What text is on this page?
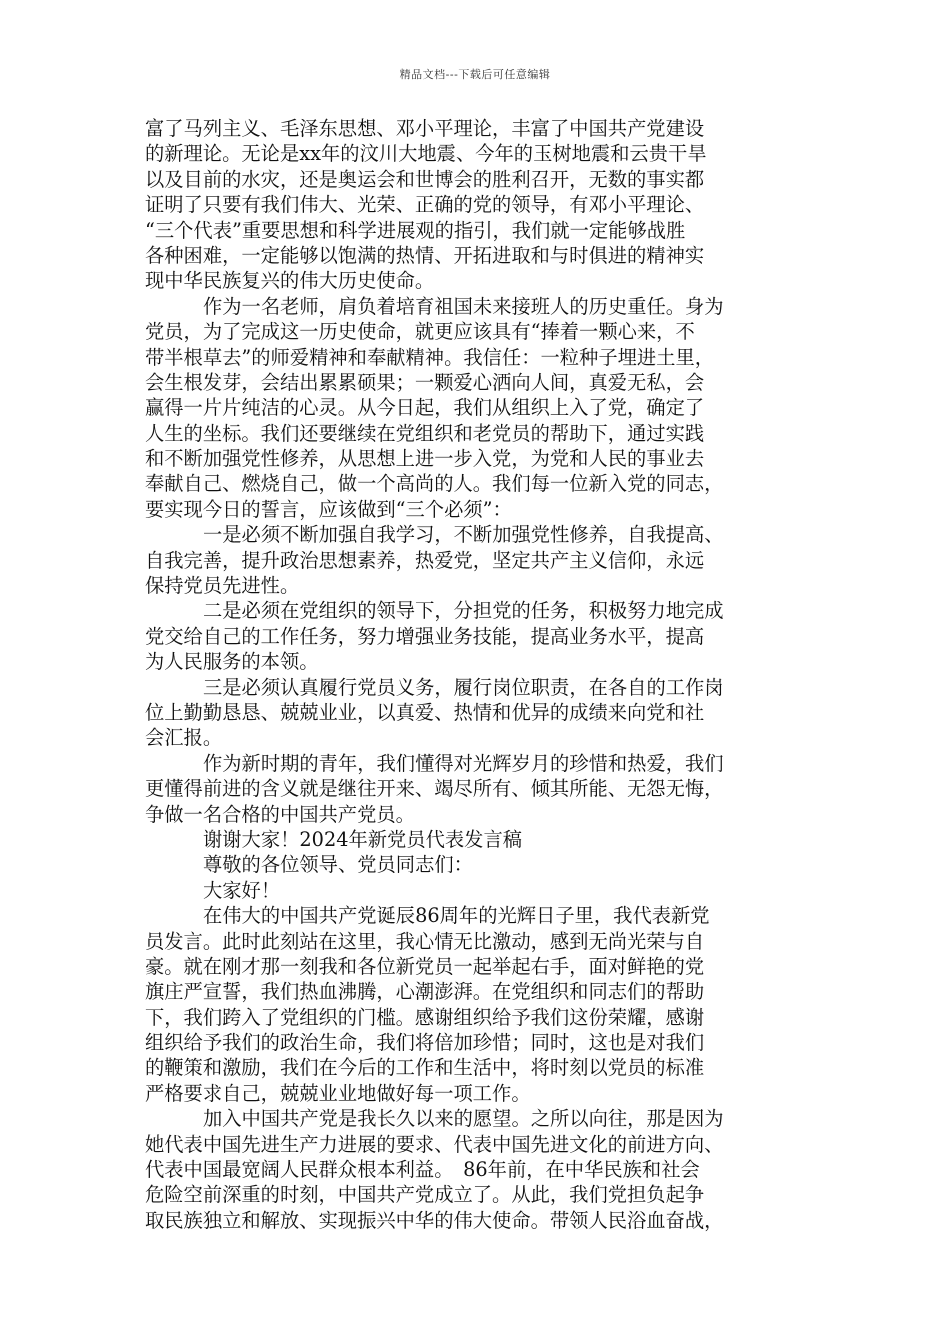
精品文档---下载后可任意编辑
富了马列主义、毛泽东思想、邓小平理论，丰富了中国共产党建设
的新理论。无论是xx年的汶川大地震、今年的玉树地震和云贵干旱
以及目前的水灾，还是奥运会和世博会的胜利召开，无数的事实都
证明了只要有我们伟大、光荣、正确的党的领导，有邓小平理论、
“三个代表”重要思想和科学进展观的指引，我们就一定能够战胜
各种困难，一定能够以饱满的热情、开拓进取和与时俱进的精神实
现中华民族复兴的伟大历史使命。
作为一名老师，肩负着培育祖国未来接班人的历史重任。身为
党员，为了完成这一历史使命，就更应该具有“捧着一颗心来，不
带半根草去”的师爱精神和奉献精神。我信任：一粒种子埋进土里，
会生根发芽，会结出累累硕果；一颗爱心洒向人间，真爱无私，会
赢得一片片纯洁的心灵。从今日起，我们从组织上入了党，确定了
人生的坐标。我们还要继续在党组织和老党员的帮助下，通过实践
和不断加强党性修养，从思想上进一步入党，为党和人民的事业去
奉献自己、燃烧自己，做一个高尚的人。我们每一位新入党的同志，
要实现今日的誓言，应该做到“三个必须”：
一是必须不断加强自我学习，不断加强党性修养，自我提高、
自我完善，提升政治思想素养，热爱党，坚定共产主义信仰，永远
保持党员先进性。
二是必须在党组织的领导下，分担党的任务，积极努力地完成
党交给自己的工作任务，努力增强业务技能，提高业务水平，提高
为人民服务的本领。
三是必须认真履行党员义务，履行岗位职责，在各自的工作岗
位上勤勤恳恳、兢兢业业，以真爱、热情和优异的成绩来向党和社
会汇报。
作为新时期的青年，我们懂得对光辉岁月的珍惜和热爱，我们
更懂得前进的含义就是继往开来、竭尽所有、倾其所能、无怨无悔，
争做一名合格的中国共产党员。
谢谢大家！2024年新党员代表发言稿
尊敬的各位领导、党员同志们：
大家好！
在伟大的中国共产党诞辰86周年的光辉日子里，我代表新党
员发言。此时此刻站在这里，我心情无比激动，感到无尚光荣与自
豪。就在刚才那一刻我和各位新党员一起举起右手，面对鲜艳的党
旗庄严宣誓，我们热血沸腾，心潮澎湃。在党组织和同志们的帮助
下，我们跨入了党组织的门槛。感谢组织给予我们这份荣耀，感谢
组织给予我们的政治生命，我们将倍加珍惜；同时，这也是对我们
的鞭策和激励，我们在今后的工作和生活中，将时刻以党员的标准
严格要求自己，兢兢业业地做好每一项工作。
加入中国共产党是我长久以来的愿望。之所以向往，那是因为
她代表中国先进生产力进展的要求、代表中国先进文化的前进方向、
代表中国最宽阔人民群众根本利益。　86年前，在中华民族和社会
危险空前深重的时刻，中国共产党成立了。从此，我们党担负起争
取民族独立和解放、实现振兴中华的伟大使命。带领人民浴血奋战，
